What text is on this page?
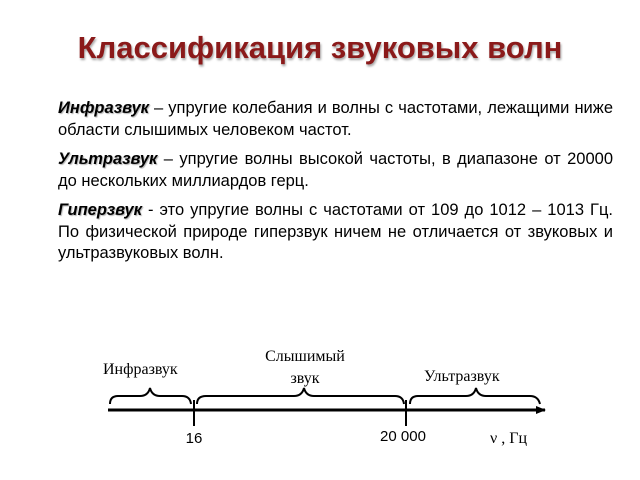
Классификация звуковых волн

Инфразвук – упругие колебания и волны с частотами, лежащими ниже области слышимых человеком частот.

Ультразвук – упругие волны высокой частоты, в диапазоне от 20000 до нескольких миллиардов герц.

Гиперзвук - это упругие волны с частотами от 109 до 1012 – 1013 Гц. По физической природе гиперзвук ничем не отличается от звуковых и ультразвуковых волн.

Инфразвук
Слышимый
звук	Ультразвук
16	20 000	ν , Гц
